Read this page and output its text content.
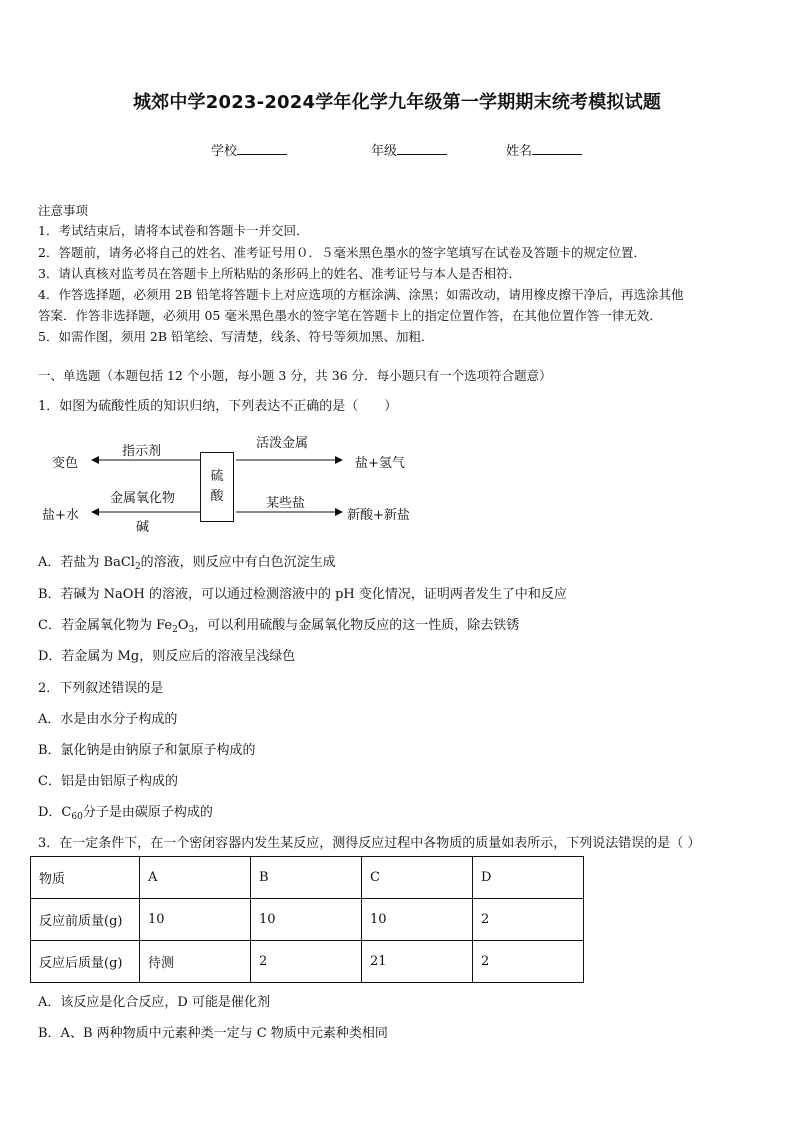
城郊中学2023-2024学年化学九年级第一学期期末统考模拟试题
学校	年级	姓名
注意事项
1．考试结束后，请将本试卷和答题卡一并交回．
2．答题前，请务必将自己的姓名、准考证号用０．５毫米黑色墨水的签字笔填写在试卷及答题卡的规定位置．
3．请认真核对监考员在答题卡上所粘贴的条形码上的姓名、准考证号与本人是否相符．
4．作答选择题，必须用 2B 铅笔将答题卡上对应选项的方框涂满、涂黑；如需改动，请用橡皮擦干净后，再选涂其他
答案．作答非选择题，必须用 05 毫米黑色墨水的签字笔在答题卡上的指定位置作答，在其他位置作答一律无效．
5．如需作图，须用 2B 铅笔绘、写清楚，线条、符号等须加黑、加粗．
一、单选题（本题包括 12 个小题，每小题 3 分，共 36 分．每小题只有一个选项符合题意）
1．如图为硫酸性质的知识归纳，下列表达不正确的是（　　）
硫
酸
指示剂
变色
金属氧化物
碱
盐+水
活泼金属
盐+氢气
某些盐
新酸+新盐
A．若盐为 BaCl$_2$的溶液，则反应中有白色沉淀生成
B．若碱为 NaOH 的溶液，可以通过检测溶液中的 pH 变化情况，证明两者发生了中和反应
C．若金属氧化物为 $Fe_2O_3$，可以利用硫酸与金属氧化物反应的这一性质，除去铁锈
D．若金属为 Mg，则反应后的溶液呈浅绿色
2．下列叙述错误的是
A．水是由水分子构成的
B．氯化钠是由钠原子和氯原子构成的
C．铝是由铝原子构成的
D．$C_{60}$分子是由碳原子构成的
3．在一定条件下，在一个密闭容器内发生某反应，测得反应过程中各物质的质量如表所示，下列说法错误的是（ ）
物质	A	B	C	D
反应前质量(g)	10	10	10	2
反应后质量(g)	待测	2	21	2
A．该反应是化合反应，D 可能是催化剂
B．A、B 两种物质中元素种类一定与 C 物质中元素种类相同
